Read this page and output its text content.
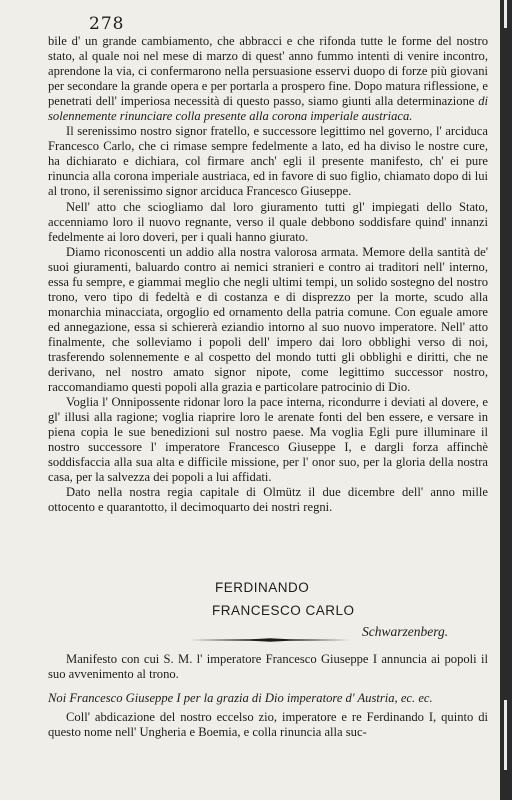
278

bile d' un grande cambiamento, che abbracci e che rifonda tutte le forme del nostro stato, al quale noi nel mese di marzo di quest' anno fummo intenti di venire incontro, aprendone la via, ci confermarono nella persuasione esservi duopo di forze più giovani per secondare la grande opera e per portarla a prospero fine. Dopo matura riflessione, e penetrati dell' imperiosa necessità di questo passo, siamo giunti alla determinazione di solennemente rinunciare colla presente alla corona imperiale austriaca.

Il serenissimo nostro signor fratello, e successore legittimo nel governo, l' arciduca Francesco Carlo, che ci rimase sempre fedelmente a lato, ed ha diviso le nostre cure, ha dichiarato e dichiara, col firmare anch' egli il presente manifesto, ch' ei pure rinuncia alla corona imperiale austriaca, ed in favore di suo figlio, chiamato dopo di lui al trono, il serenissimo signor arciduca Francesco Giuseppe.

Nell' atto che sciogliamo dal loro giuramento tutti gl' impiegati dello Stato, accenniamo loro il nuovo regnante, verso il quale debbono soddisfare quind' innanzi fedelmente ai loro doveri, per i quali hanno giurato.

Diamo riconoscenti un addio alla nostra valorosa armata. Memore della santità de' suoi giuramenti, baluardo contro ai nemici stranieri e contro ai traditori nell' interno, essa fu sempre, e giammai meglio che negli ultimi tempi, un solido sostegno del nostro trono, vero tipo di fedeltà e di costanza e di disprezzo per la morte, scudo alla monarchia minacciata, orgoglio ed ornamento della patria comune. Con eguale amore ed annegazione, essa si schiererà eziandio intorno al suo nuovo imperatore. Nell' atto finalmente, che solleviamo i popoli dell' impero dai loro obblighi verso di noi, trasferendo solennemente e al cospetto del mondo tutti gli obblighi e diritti, che ne derivano, nel nostro amato signor nipote, come legittimo successor nostro, raccomandiamo questi popoli alla grazia e particolare patrocinio di Dio.

Voglia l' Onnipossente ridonar loro la pace interna, ricondurre i deviati al dovere, e gl' illusi alla ragione; voglia riaprire loro le arenate fonti del ben essere, e versare in piena copia le sue benedizioni sul nostro paese. Ma voglia Egli pure illuminare il nostro successore l' imperatore Francesco Giuseppe I, e dargli forza affinchè soddisfaccia alla sua alta e difficile missione, per l' onor suo, per la gloria della nostra casa, per la salvezza dei popoli a lui affidati.

Dato nella nostra regia capitale di Olmütz il due dicembre dell' anno mille ottocento e quarantotto, il decimoquarto dei nostri regni.

FERDINANDO
FRANCESCO CARLO
Schwarzenberg.

Manifesto con cui S. M. l' imperatore Francesco Giuseppe I annuncia ai popoli il suo avvenimento al trono.

Noi Francesco Giuseppe I per la grazia di Dio imperatore d' Austria, ec. ec.

Coll' abdicazione del nostro eccelso zio, imperatore e re Ferdinando I, quinto di questo nome nell' Ungheria e Boemia, e colla rinuncia alla suc-
